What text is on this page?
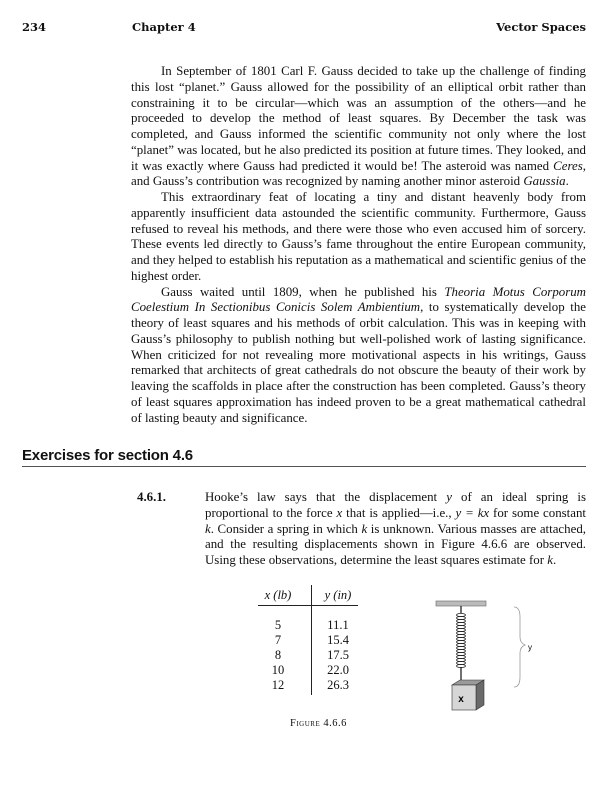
234	Chapter 4	Vector Spaces

In September of 1801 Carl F. Gauss decided to take up the challenge of finding this lost “planet.” Gauss allowed for the possibility of an elliptical orbit rather than constraining it to be circular—which was an assumption of the others—and he proceeded to develop the method of least squares. By December the task was completed, and Gauss informed the scientific community not only where the lost “planet” was located, but he also predicted its position at future times. They looked, and it was exactly where Gauss had predicted it would be! The asteroid was named Ceres, and Gauss’s contribution was recognized by naming another minor asteroid Gaussia.

This extraordinary feat of locating a tiny and distant heavenly body from apparently insufficient data astounded the scientific community. Furthermore, Gauss refused to reveal his methods, and there were those who even accused him of sorcery. These events led directly to Gauss’s fame throughout the entire European community, and they helped to establish his reputation as a mathematical and scientific genius of the highest order.

Gauss waited until 1809, when he published his Theoria Motus Corporum Coelestium In Sectionibus Conicis Solem Ambientium, to systematically develop the theory of least squares and his methods of orbit calculation. This was in keeping with Gauss’s philosophy to publish nothing but well-polished work of lasting significance. When criticized for not revealing more motivational aspects in his writings, Gauss remarked that architects of great cathedrals do not obscure the beauty of their work by leaving the scaffolds in place after the construction has been completed. Gauss’s theory of least squares approximation has indeed proven to be a great mathematical cathedral of lasting beauty and significance.

Exercises for section 4.6
4.6.1.	Hooke’s law says that the displacement y of an ideal spring is proportional to the force x that is applied—i.e., y = kx for some constant k. Consider a spring in which k is unknown. Various masses are attached, and the resulting displacements shown in Figure 4.6.6 are observed. Using these observations, determine the least squares estimate for k.
x (lb)	y (in)
5	11.1
7	15.4
8	17.5
10	22.0
12	26.3
x
y
Figure 4.6.6
